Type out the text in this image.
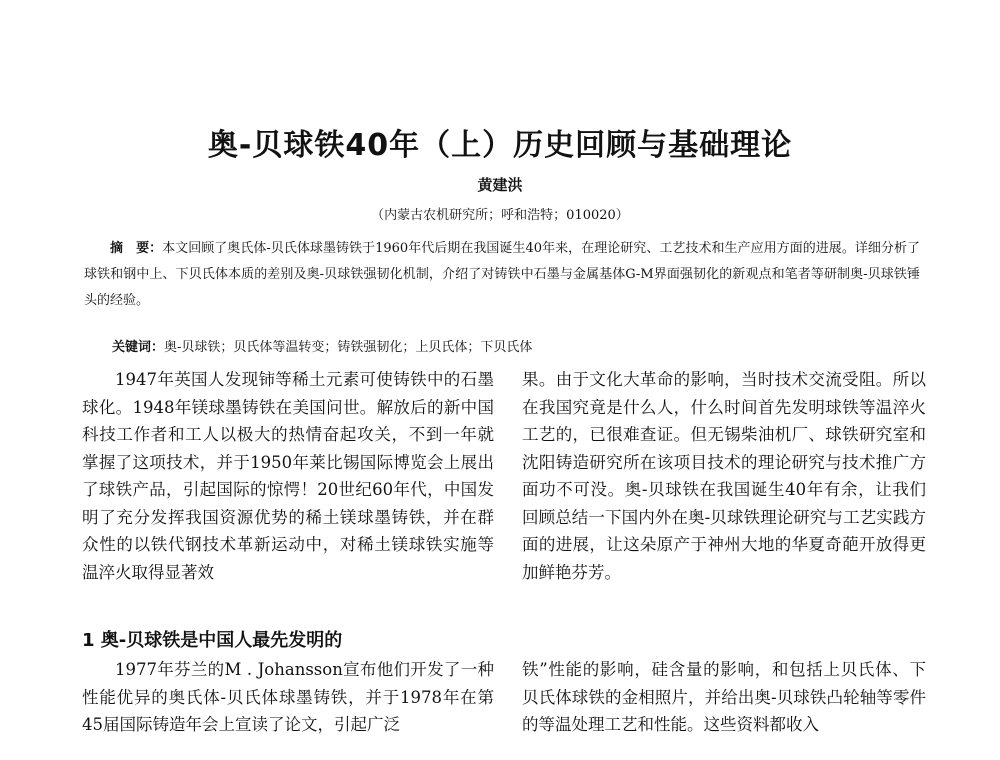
奥-贝球铁40年（上）历史回顾与基础理论
黄建洪
（内蒙古农机研究所；呼和浩特；010020）
摘　要：本文回顾了奥氏体-贝氏体球墨铸铁于1960年代后期在我国诞生40年来，在理论研究、工艺技术和生产应用方面的进展。详细分析了球铁和钢中上、下贝氏体本质的差别及奥-贝球铁强韧化机制，介绍了对铸铁中石墨与金属基体G-M界面强韧化的新观点和笔者等研制奥-贝球铁锤头的经验。
关键词：奥-贝球铁；贝氏体等温转变；铸铁强韧化；上贝氏体；下贝氏体

1947年英国人发现铈等稀土元素可使铸铁中的石墨球化。1948年镁球墨铸铁在美国问世。解放后的新中国科技工作者和工人以极大的热情奋起攻关，不到一年就掌握了这项技术，并于1950年莱比锡国际博览会上展出了球铁产品，引起国际的惊愕！20世纪60年代，中国发明了充分发挥我国资源优势的稀土镁球墨铸铁，并在群众性的以铁代钢技术革新运动中，对稀土镁球铁实施等温淬火取得显著效

果。由于文化大革命的影响，当时技术交流受阻。所以在我国究竟是什么人，什么时间首先发明球铁等温淬火工艺的，已很难查证。但无锡柴油机厂、球铁研究室和沈阳铸造研究所在该项目技术的理论研究与技术推广方面功不可没。奥-贝球铁在我国诞生40年有余，让我们回顾总结一下国内外在奥-贝球铁理论研究与工艺实践方面的进展，让这朵原产于神州大地的华夏奇葩开放得更加鲜艳芬芳。

1 奥-贝球铁是中国人最先发明的

1977年芬兰的M . Johansson宣布他们开发了一种性能优异的奥氏体-贝氏体球墨铸铁，并于1978年在第45届国际铸造年会上宣读了论文，引起广泛

铁”性能的影响，硅含量的影响，和包括上贝氏体、下贝氏体球铁的金相照片，并给出奥-贝球铁凸轮轴等零件的等温处理工艺和性能。这些资料都收入
